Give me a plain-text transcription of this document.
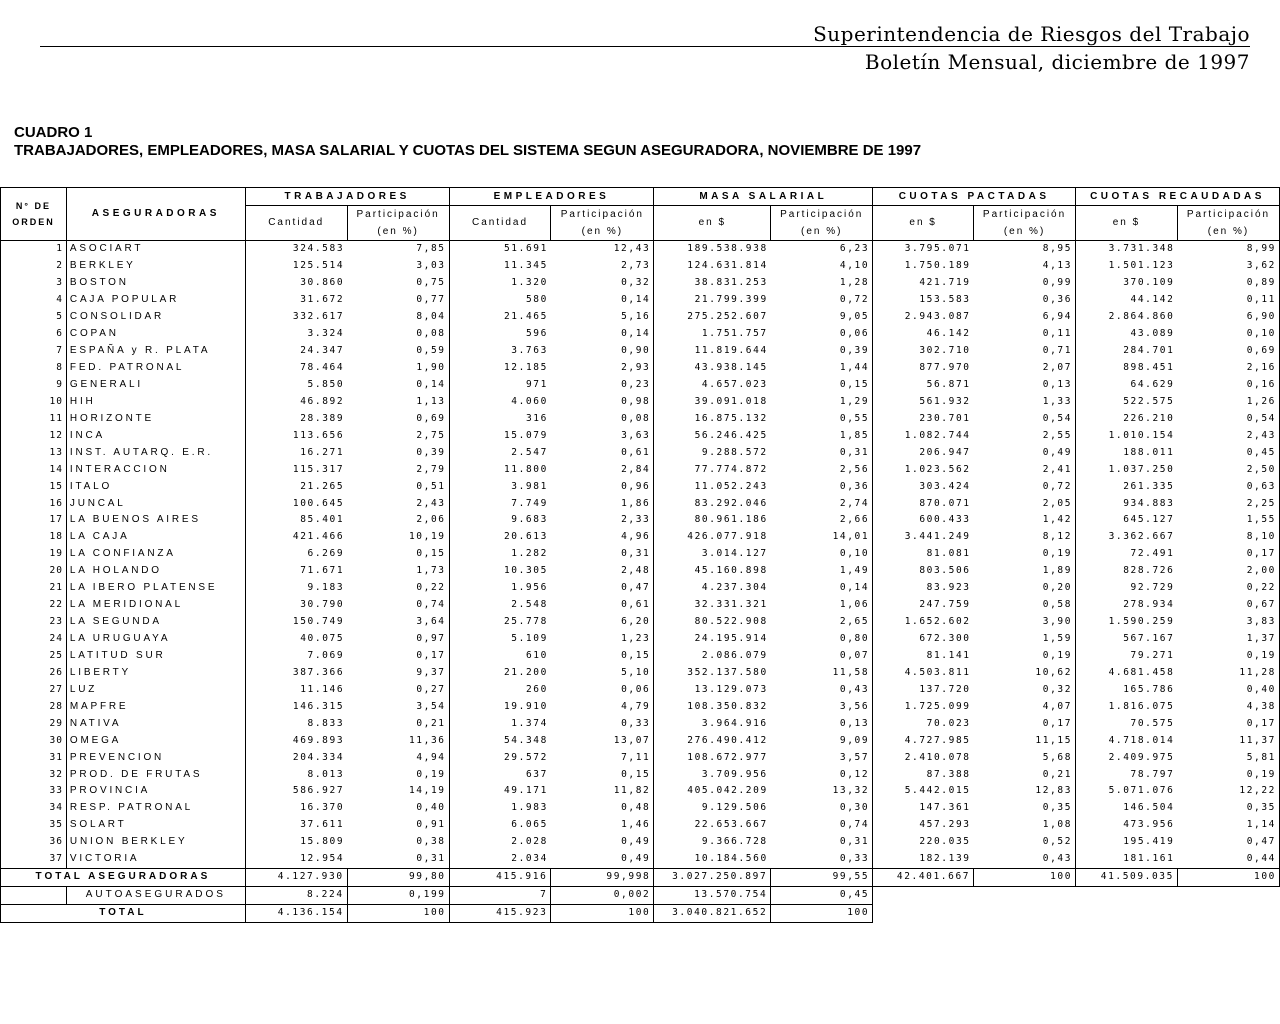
Superintendencia de Riesgos del Trabajo
Boletín Mensual, diciembre de 1997
CUADRO 1
TRABAJADORES, EMPLEADORES, MASA SALARIAL Y CUOTAS DEL SISTEMA SEGUN ASEGURADORA, NOVIEMBRE DE 1997
N° DE
ORDEN	ASEGURADORAS	TRABAJADORES		EMPLEADORES		MASA SALARIAL		CUOTAS PACTADAS		CUOTAS RECAUDADAS	
		Cantidad	Participación	Cantidad	Participación	en $	Participación	en $	Participación	en $	Participación
			(en %)		(en %)		(en %)		(en %)		(en %)
1	ASOCIART	324.583	7,85	51.691	12,43	189.538.938	6,23	3.795.071	8,95	3.731.348	8,99
2	BERKLEY	125.514	3,03	11.345	2,73	124.631.814	4,10	1.750.189	4,13	1.501.123	3,62
3	BOSTON	30.860	0,75	1.320	0,32	38.831.253	1,28	421.719	0,99	370.109	0,89
4	CAJA POPULAR	31.672	0,77	580	0,14	21.799.399	0,72	153.583	0,36	44.142	0,11
5	CONSOLIDAR	332.617	8,04	21.465	5,16	275.252.607	9,05	2.943.087	6,94	2.864.860	6,90
6	COPAN	3.324	0,08	596	0,14	1.751.757	0,06	46.142	0,11	43.089	0,10
7	ESPAÑA y R. PLATA	24.347	0,59	3.763	0,90	11.819.644	0,39	302.710	0,71	284.701	0,69
8	FED. PATRONAL	78.464	1,90	12.185	2,93	43.938.145	1,44	877.970	2,07	898.451	2,16
9	GENERALI	5.850	0,14	971	0,23	4.657.023	0,15	56.871	0,13	64.629	0,16
10	HIH	46.892	1,13	4.060	0,98	39.091.018	1,29	561.932	1,33	522.575	1,26
11	HORIZONTE	28.389	0,69	316	0,08	16.875.132	0,55	230.701	0,54	226.210	0,54
12	INCA	113.656	2,75	15.079	3,63	56.246.425	1,85	1.082.744	2,55	1.010.154	2,43
13	INST. AUTARQ. E.R.	16.271	0,39	2.547	0,61	9.288.572	0,31	206.947	0,49	188.011	0,45
14	INTERACCION	115.317	2,79	11.800	2,84	77.774.872	2,56	1.023.562	2,41	1.037.250	2,50
15	ITALO	21.265	0,51	3.981	0,96	11.052.243	0,36	303.424	0,72	261.335	0,63
16	JUNCAL	100.645	2,43	7.749	1,86	83.292.046	2,74	870.071	2,05	934.883	2,25
17	LA BUENOS AIRES	85.401	2,06	9.683	2,33	80.961.186	2,66	600.433	1,42	645.127	1,55
18	LA CAJA	421.466	10,19	20.613	4,96	426.077.918	14,01	3.441.249	8,12	3.362.667	8,10
19	LA CONFIANZA	6.269	0,15	1.282	0,31	3.014.127	0,10	81.081	0,19	72.491	0,17
20	LA HOLANDO	71.671	1,73	10.305	2,48	45.160.898	1,49	803.506	1,89	828.726	2,00
21	LA IBERO PLATENSE	9.183	0,22	1.956	0,47	4.237.304	0,14	83.923	0,20	92.729	0,22
22	LA MERIDIONAL	30.790	0,74	2.548	0,61	32.331.321	1,06	247.759	0,58	278.934	0,67
23	LA SEGUNDA	150.749	3,64	25.778	6,20	80.522.908	2,65	1.652.602	3,90	1.590.259	3,83
24	LA URUGUAYA	40.075	0,97	5.109	1,23	24.195.914	0,80	672.300	1,59	567.167	1,37
25	LATITUD SUR	7.069	0,17	610	0,15	2.086.079	0,07	81.141	0,19	79.271	0,19
26	LIBERTY	387.366	9,37	21.200	5,10	352.137.580	11,58	4.503.811	10,62	4.681.458	11,28
27	LUZ	11.146	0,27	260	0,06	13.129.073	0,43	137.720	0,32	165.786	0,40
28	MAPFRE	146.315	3,54	19.910	4,79	108.350.832	3,56	1.725.099	4,07	1.816.075	4,38
29	NATIVA	8.833	0,21	1.374	0,33	3.964.916	0,13	70.023	0,17	70.575	0,17
30	OMEGA	469.893	11,36	54.348	13,07	276.490.412	9,09	4.727.985	11,15	4.718.014	11,37
31	PREVENCION	204.334	4,94	29.572	7,11	108.672.977	3,57	2.410.078	5,68	2.409.975	5,81
32	PROD. DE FRUTAS	8.013	0,19	637	0,15	3.709.956	0,12	87.388	0,21	78.797	0,19
33	PROVINCIA	586.927	14,19	49.171	11,82	405.042.209	13,32	5.442.015	12,83	5.071.076	12,22
34	RESP. PATRONAL	16.370	0,40	1.983	0,48	9.129.506	0,30	147.361	0,35	146.504	0,35
35	SOLART	37.611	0,91	6.065	1,46	22.653.667	0,74	457.293	1,08	473.956	1,14
36	UNION BERKLEY	15.809	0,38	2.028	0,49	9.366.728	0,31	220.035	0,52	195.419	0,47
37	VICTORIA	12.954	0,31	2.034	0,49	10.184.560	0,33	182.139	0,43	181.161	0,44
TOTAL ASEGURADORAS		4.127.930	99,80	415.916	99,998	3.027.250.897	99,55	42.401.667	100	41.509.035	100
	AUTOASEGURADOS	8.224	0,199	7	0,002	13.570.754	0,45				
TOTAL		4.136.154	100	415.923	100	3.040.821.652	100				
